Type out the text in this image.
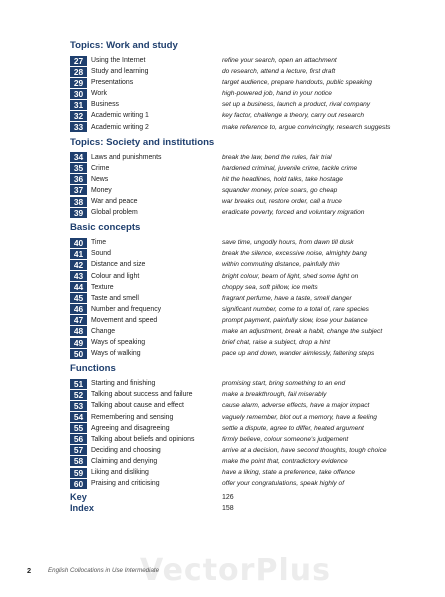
VectorPlus
Topics: Work and study
27	Using the Internet	refine your search, open an attachment
28	Study and learning	do research, attend a lecture, first draft
29	Presentations	target audience, prepare handouts, public speaking
30	Work	high-powered job, hand in your notice
31	Business	set up a business, launch a product, rival company
32	Academic writing 1	key factor, challenge a theory, carry out research
33	Academic writing 2	make reference to, argue convincingly, research suggests
Topics: Society and institutions
34	Laws and punishments	break the law, bend the rules, fair trial
35	Crime	hardened criminal, juvenile crime, tackle crime
36	News	hit the headlines, hold talks, take hostage
37	Money	squander money, price soars, go cheap
38	War and peace	war breaks out, restore order, call a truce
39	Global problem	eradicate poverty, forced and voluntary migration
Basic concepts
40	Time	save time, ungodly hours, from dawn till dusk
41	Sound	break the silence, excessive noise, almighty bang
42	Distance and size	within commuting distance, painfully thin
43	Colour and light	bright colour, beam of light, shed some light on
44	Texture	choppy sea, soft pillow, ice melts
45	Taste and smell	fragrant perfume, have a taste, smell danger
46	Number and frequency	significant number, come to a total of, rare species
47	Movement and speed	prompt payment, painfully slow, lose your balance
48	Change	make an adjustment, break a habit, change the subject
49	Ways of speaking	brief chat, raise a subject, drop a hint
50	Ways of walking	pace up and down, wander aimlessly, faltering steps
Functions
51	Starting and finishing	promising start, bring something to an end
52	Talking about success and failure	make a breakthrough, fail miserably
53	Talking about cause and effect	cause alarm, adverse effects, have a major impact
54	Remembering and sensing	vaguely remember, blot out a memory, have a feeling
55	Agreeing and disagreeing	settle a dispute, agree to differ, heated argument
56	Talking about beliefs and opinions	firmly believe, colour someone's judgement
57	Deciding and choosing	arrive at a decision, have second thoughts, tough choice
58	Claiming and denying	make the point that, contradictory evidence
59	Liking and disliking	have a liking, state a preference, take offence
60	Praising and criticising	offer your congratulations, speak highly of
Key	126
Index	158
2	English Collocations in Use Intermediate
